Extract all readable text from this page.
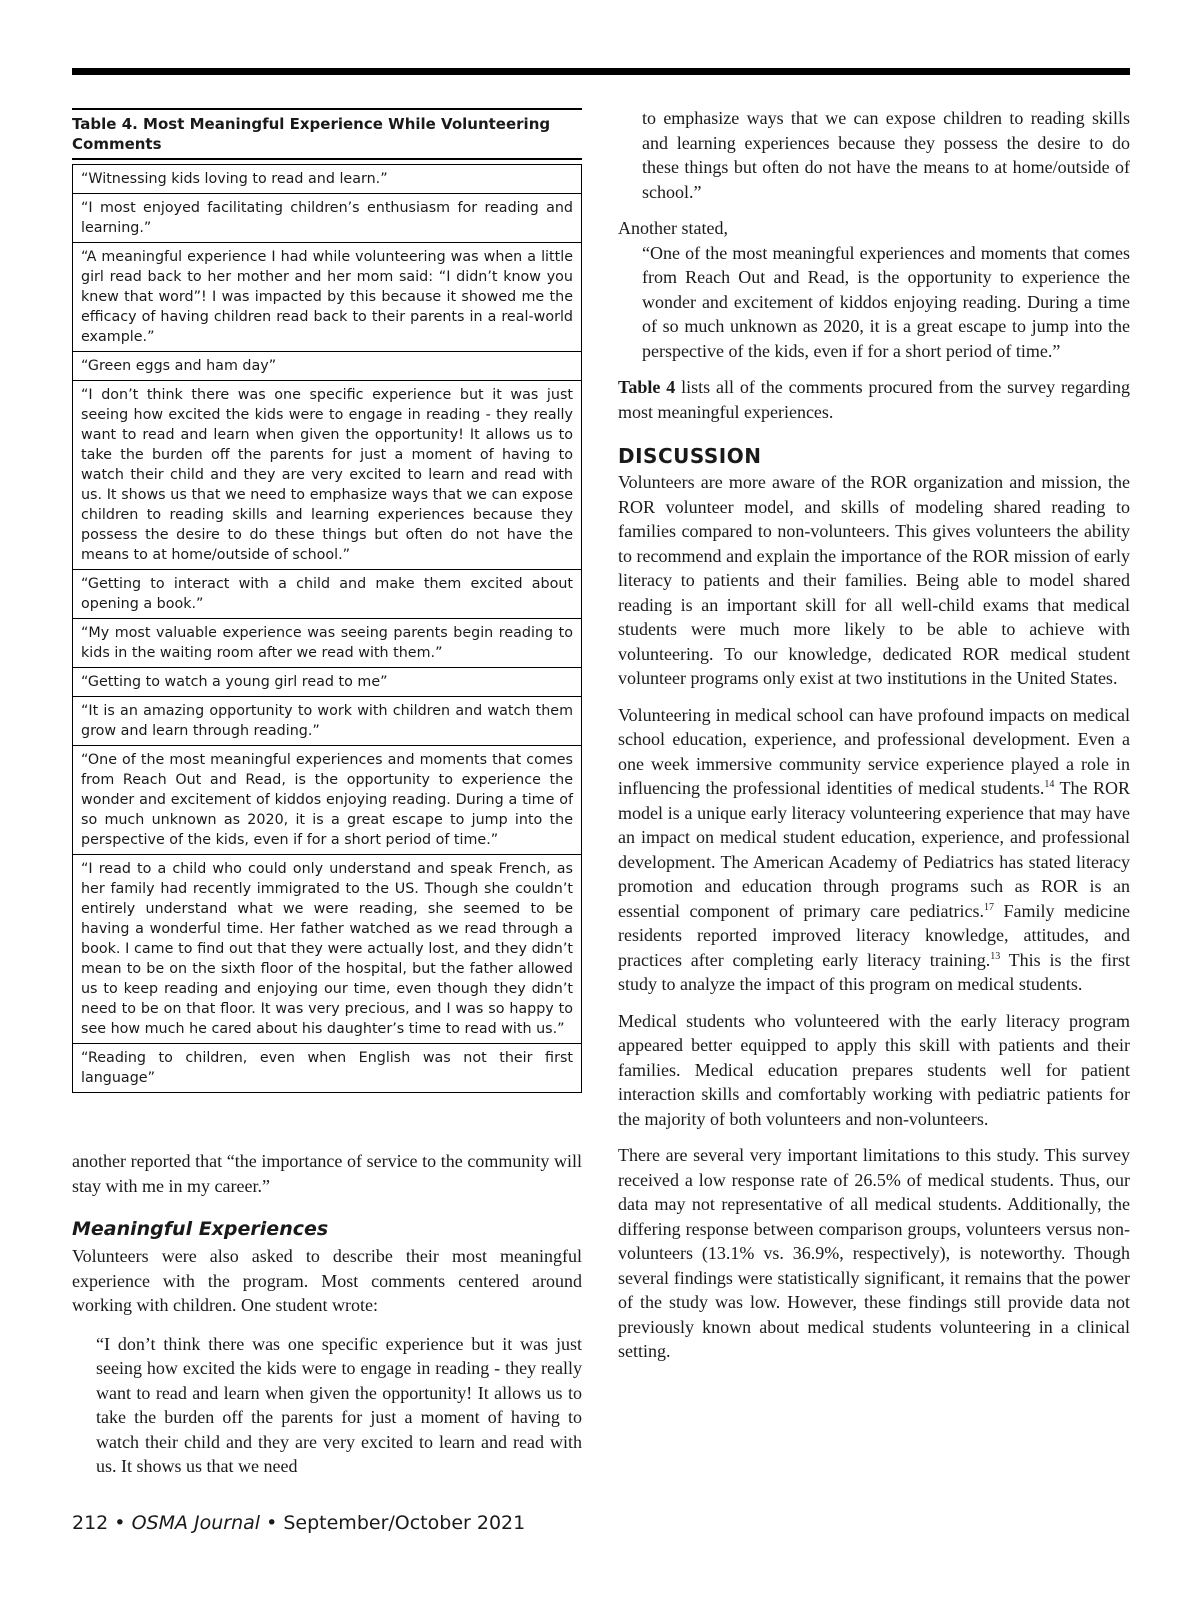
Table 4. Most Meaningful Experience While Volunteering Comments
“Witnessing kids loving to read and learn.”
“I most enjoyed facilitating children’s enthusiasm for reading and learning.”
“A meaningful experience I had while volunteering was when a little girl read back to her mother and her mom said: “I didn’t know you knew that word”! I was impacted by this because it showed me the efficacy of having children read back to their parents in a real-world example.”
“Green eggs and ham day”
“I don’t think there was one specific experience but it was just seeing how excited the kids were to engage in reading - they really want to read and learn when given the opportunity! It allows us to take the burden off the parents for just a moment of having to watch their child and they are very excited to learn and read with us. It shows us that we need to emphasize ways that we can expose children to reading skills and learning experiences because they possess the desire to do these things but often do not have the means to at home/outside of school.”
“Getting to interact with a child and make them excited about opening a book.”
“My most valuable experience was seeing parents begin reading to kids in the waiting room after we read with them.”
“Getting to watch a young girl read to me”
“It is an amazing opportunity to work with children and watch them grow and learn through reading.”
“One of the most meaningful experiences and moments that comes from Reach Out and Read, is the opportunity to experience the wonder and excitement of kiddos enjoying reading. During a time of so much unknown as 2020, it is a great escape to jump into the perspective of the kids, even if for a short period of time.”
“I read to a child who could only understand and speak French, as her family had recently immigrated to the US. Though she couldn’t entirely understand what we were reading, she seemed to be having a wonderful time. Her father watched as we read through a book. I came to find out that they were actually lost, and they didn’t mean to be on the sixth floor of the hospital, but the father allowed us to keep reading and enjoying our time, even though they didn’t need to be on that floor. It was very precious, and I was so happy to see how much he cared about his daughter’s time to read with us.”
“Reading to children, even when English was not their first language”

another reported that “the importance of service to the community will stay with me in my career.”

Meaningful Experiences

Volunteers were also asked to describe their most meaningful experience with the program. Most comments centered around working with children. One student wrote:

“I don’t think there was one specific experience but it was just seeing how excited the kids were to engage in reading - they really want to read and learn when given the opportunity! It allows us to take the burden off the parents for just a moment of having to watch their child and they are very excited to learn and read with us. It shows us that we need
to emphasize ways that we can expose children to reading skills and learning experiences because they possess the desire to do these things but often do not have the means to at home/outside of school.”

Another stated,

“One of the most meaningful experiences and moments that comes from Reach Out and Read, is the opportunity to experience the wonder and excitement of kiddos enjoying reading. During a time of so much unknown as 2020, it is a great escape to jump into the perspective of the kids, even if for a short period of time.”

Table 4 lists all of the comments procured from the survey regarding most meaningful experiences.

DISCUSSION

Volunteers are more aware of the ROR organization and mission, the ROR volunteer model, and skills of modeling shared reading to families compared to non-volunteers. This gives volunteers the ability to recommend and explain the importance of the ROR mission of early literacy to patients and their families. Being able to model shared reading is an important skill for all well-child exams that medical students were much more likely to be able to achieve with volunteering. To our knowledge, dedicated ROR medical student volunteer programs only exist at two institutions in the United States.

Volunteering in medical school can have profound impacts on medical school education, experience, and professional development. Even a one week immersive community service experience played a role in influencing the professional identities of medical students.$^{14}$ The ROR model is a unique early literacy volunteering experience that may have an impact on medical student education, experience, and professional development. The American Academy of Pediatrics has stated literacy promotion and education through programs such as ROR is an essential component of primary care pediatrics.$^{17}$ Family medicine residents reported improved literacy knowledge, attitudes, and practices after completing early literacy training.$^{13}$ This is the first study to analyze the impact of this program on medical students.

Medical students who volunteered with the early literacy program appeared better equipped to apply this skill with patients and their families. Medical education prepares students well for patient interaction skills and comfortably working with pediatric patients for the majority of both volunteers and non-volunteers.

There are several very important limitations to this study. This survey received a low response rate of 26.5% of medical students. Thus, our data may not representative of all medical students. Additionally, the differing response between comparison groups, volunteers versus non-volunteers (13.1% vs. 36.9%, respectively), is noteworthy. Though several findings were statistically significant, it remains that the power of the study was low. However, these findings still provide data not previously known about medical students volunteering in a clinical setting.

212 • OSMA Journal • September/October 2021
